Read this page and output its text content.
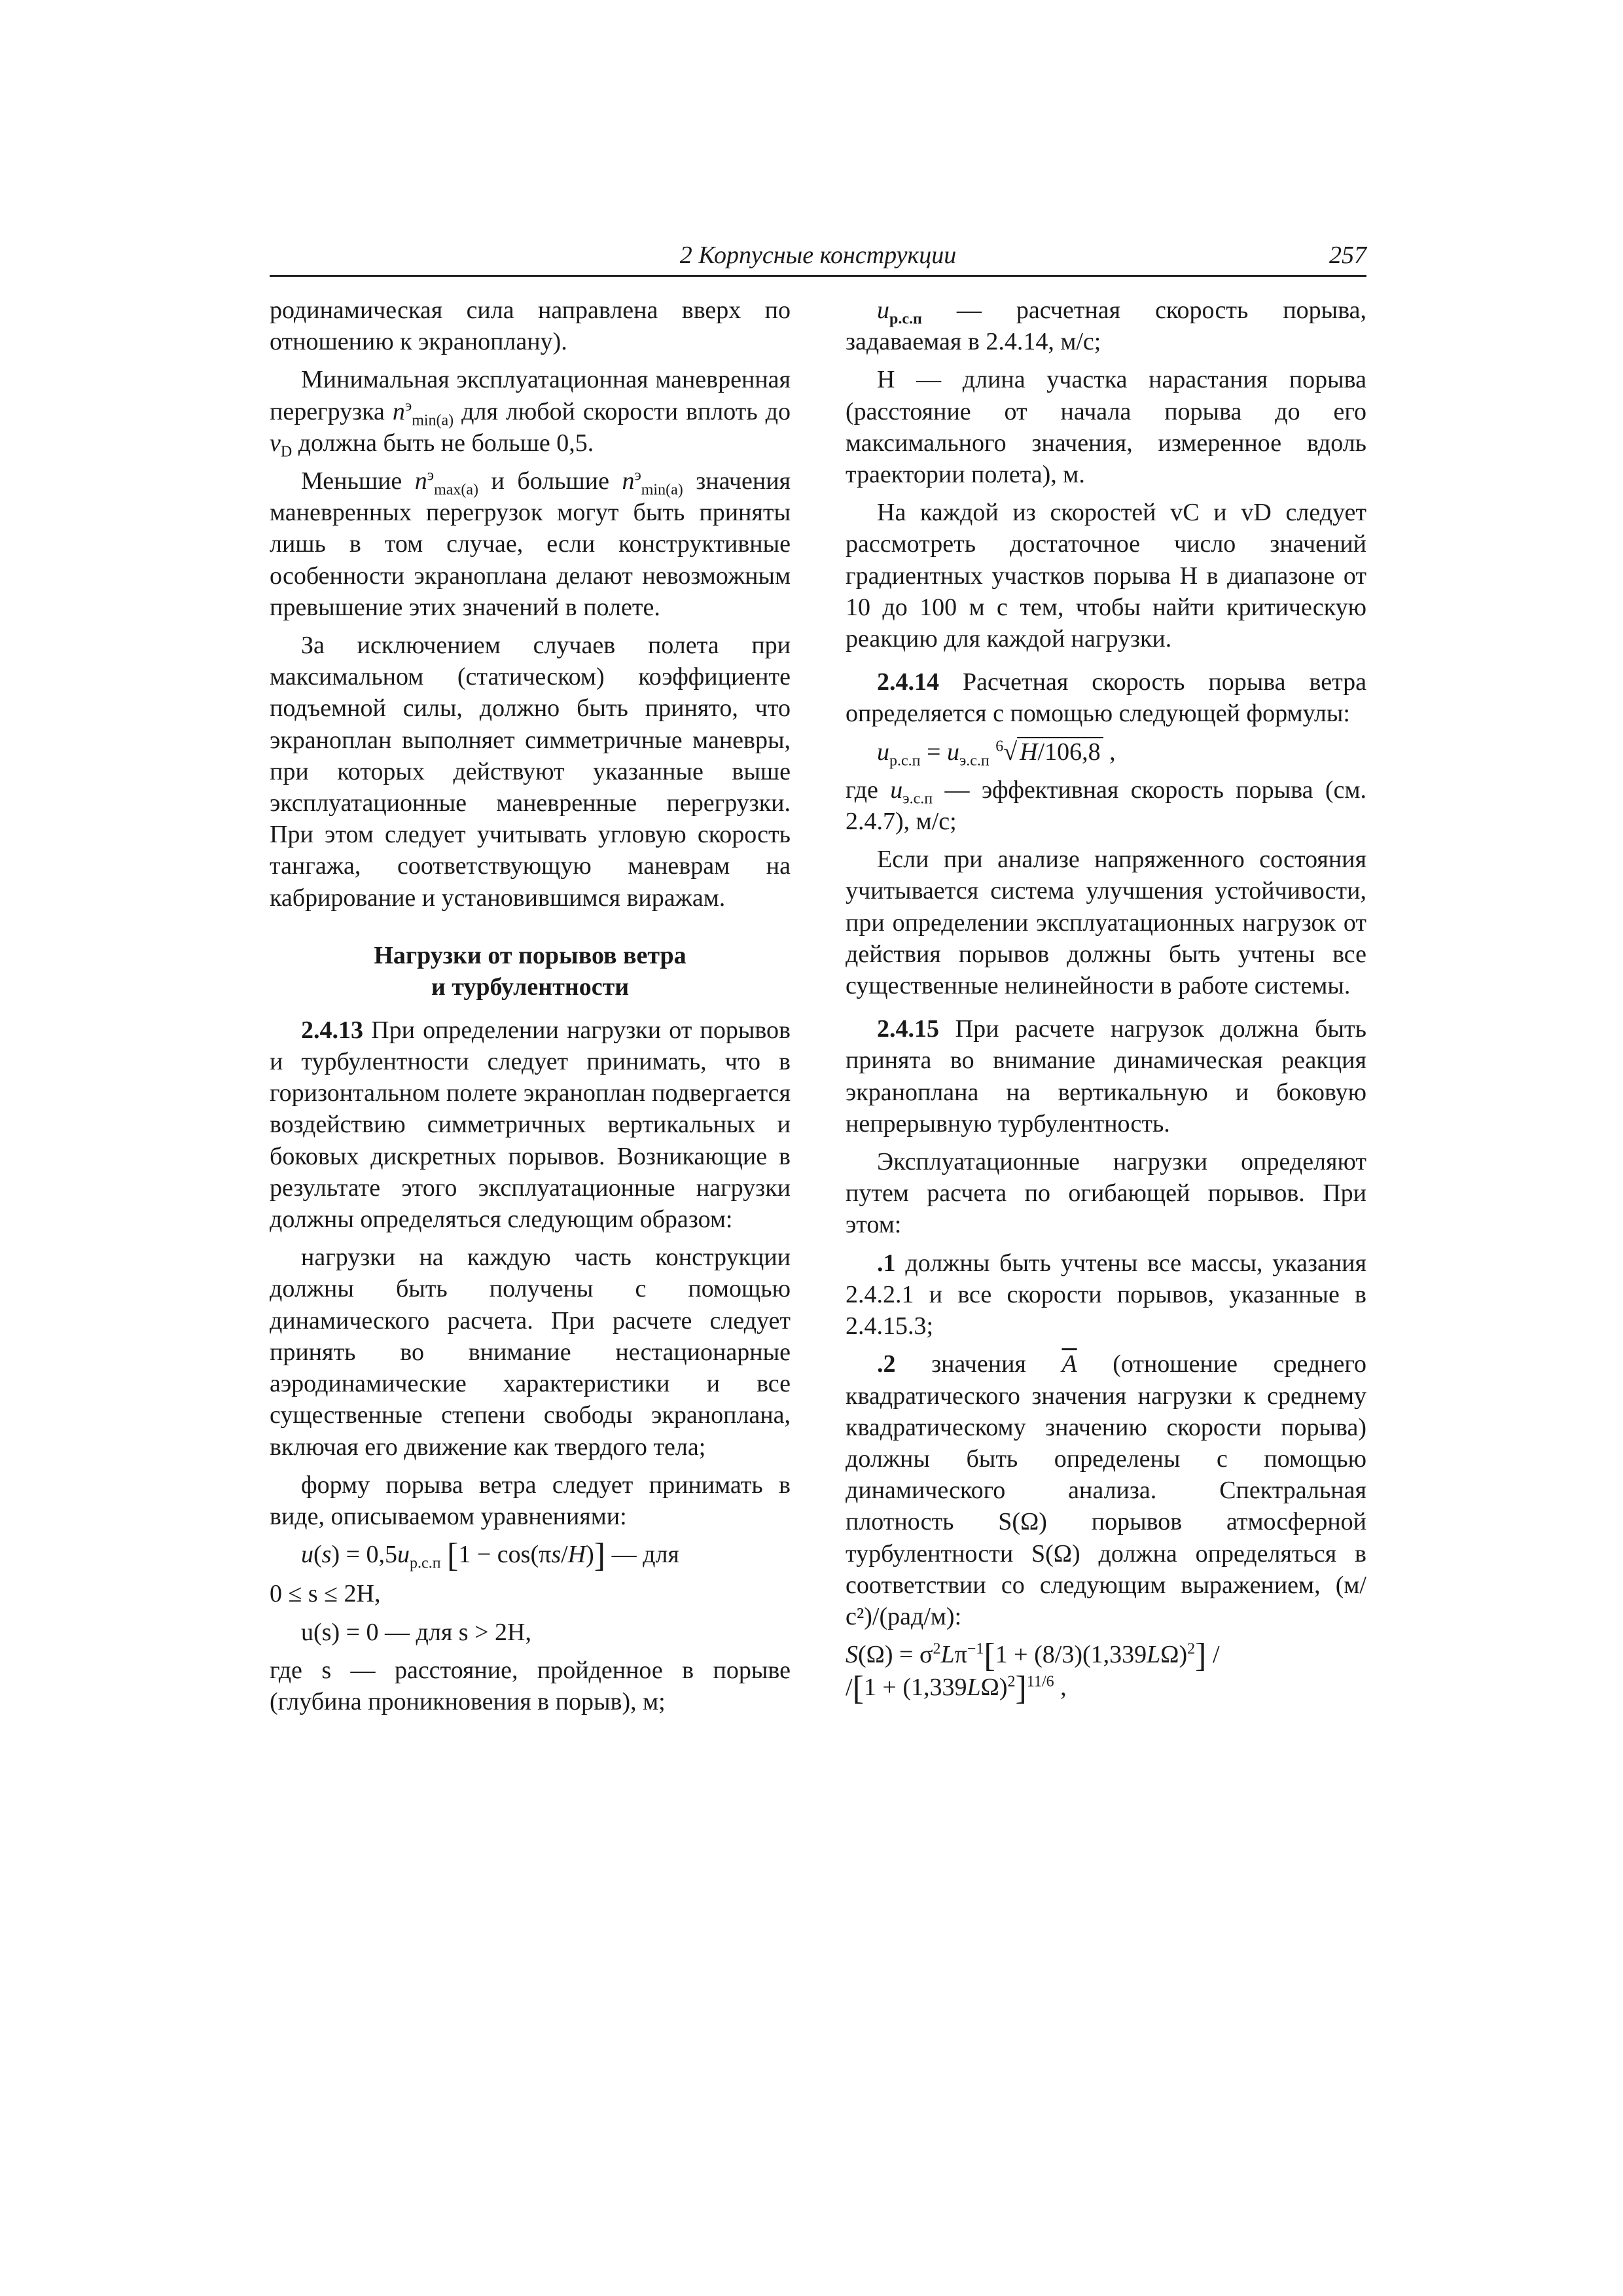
2 Корпусные конструкции	257

родинамическая сила направлена вверх по отношению к экраноплану).

Минимальная эксплуатационная маневренная перегрузка $n^э_{min(a)}$ для любой скорости вплоть до $v_D$ должна быть не больше 0,5.

Меньшие $n^э_{max(a)}$ и большие $n^э_{min(a)}$ значения маневренных перегрузок могут быть приняты лишь в том случае, если конструктивные особенности экраноплана делают невозможным превышение этих значений в полете.

За исключением случаев полета при максимальном (статическом) коэффициенте подъемной силы, должно быть принято, что экраноплан выполняет симметричные маневры, при которых действуют указанные выше эксплуатационные маневренные перегрузки. При этом следует учитывать угловую скорость тангажа, соответствующую маневрам на кабрирование и установившимся виражам.

Нагрузки от порывов ветра
и турбулентности

2.4.13 При определении нагрузки от порывов и турбулентности следует принимать, что в горизонтальном полете экраноплан подвергается воздействию симметричных вертикальных и боковых дискретных порывов. Возникающие в результате этого эксплуатационные нагрузки должны определяться следующим образом:

нагрузки на каждую часть конструкции должны быть получены с помощью динамического расчета. При расчете следует принять во внимание нестационарные аэродинамические характеристики и все существенные степени свободы экраноплана, включая его движение как твердого тела;

форму порыва ветра следует принимать в виде, описываемом уравнениями:

$u(s) = 0,5u_{р.с.п}$ [1 − cos(πs/H)] — для

0 ≤ s ≤ 2H,

u(s) = 0 — для s > 2H,

где s — расстояние, пройденное в порыве (глубина проникновения в порыв), м;

$u_{р.с.п}$ — расчетная скорость порыва, задаваемая в 2.4.14, м/с;

H — длина участка нарастания порыва (расстояние от начала порыва до его максимального значения, измеренное вдоль траектории полета), м.

На каждой из скоростей vC и vD следует рассмотреть достаточное число значений градиентных участков порыва H в диапазоне от 10 до 100 м с тем, чтобы найти критическую реакцию для каждой нагрузки.

2.4.14 Расчетная скорость порыва ветра определяется с помощью следующей формулы:

$u_{р.с.п} = u_{э.с.п}$ $^6$√ H/106,8 ,

где $u_{э.с.п}$ — эффективная скорость порыва (см. 2.4.7), м/с;

Если при анализе напряженного состояния учитывается система улучшения устойчивости, при определении эксплуатационных нагрузок от действия порывов должны быть учтены все существенные нелинейности в работе системы.

2.4.15 При расчете нагрузок должна быть принята во внимание динамическая реакция экраноплана на вертикальную и боковую непрерывную турбулентность.

Эксплуатационные нагрузки определяют путем расчета по огибающей порывов. При этом:

.1 должны быть учтены все массы, указания 2.4.2.1 и все скорости порывов, указанные в 2.4.15.3;

.2 значения $\overline{A}$ (отношение среднего квадратического значения нагрузки к среднему квадратическому значению скорости порыва) должны быть определены с помощью динамического анализа. Спектральная плотность S(Ω) порывов атмосферной турбулентности S(Ω) должна определяться в соответствии со следующим выражением, (м/с²)/(рад/м):

$S(\Omega) = \sigma^2L\pi^{-1}[1 + (8/3)(1,339L\Omega)^2]$ /
$/[1 + (1,339L\Omega)^2]^{11/6}$ ,
